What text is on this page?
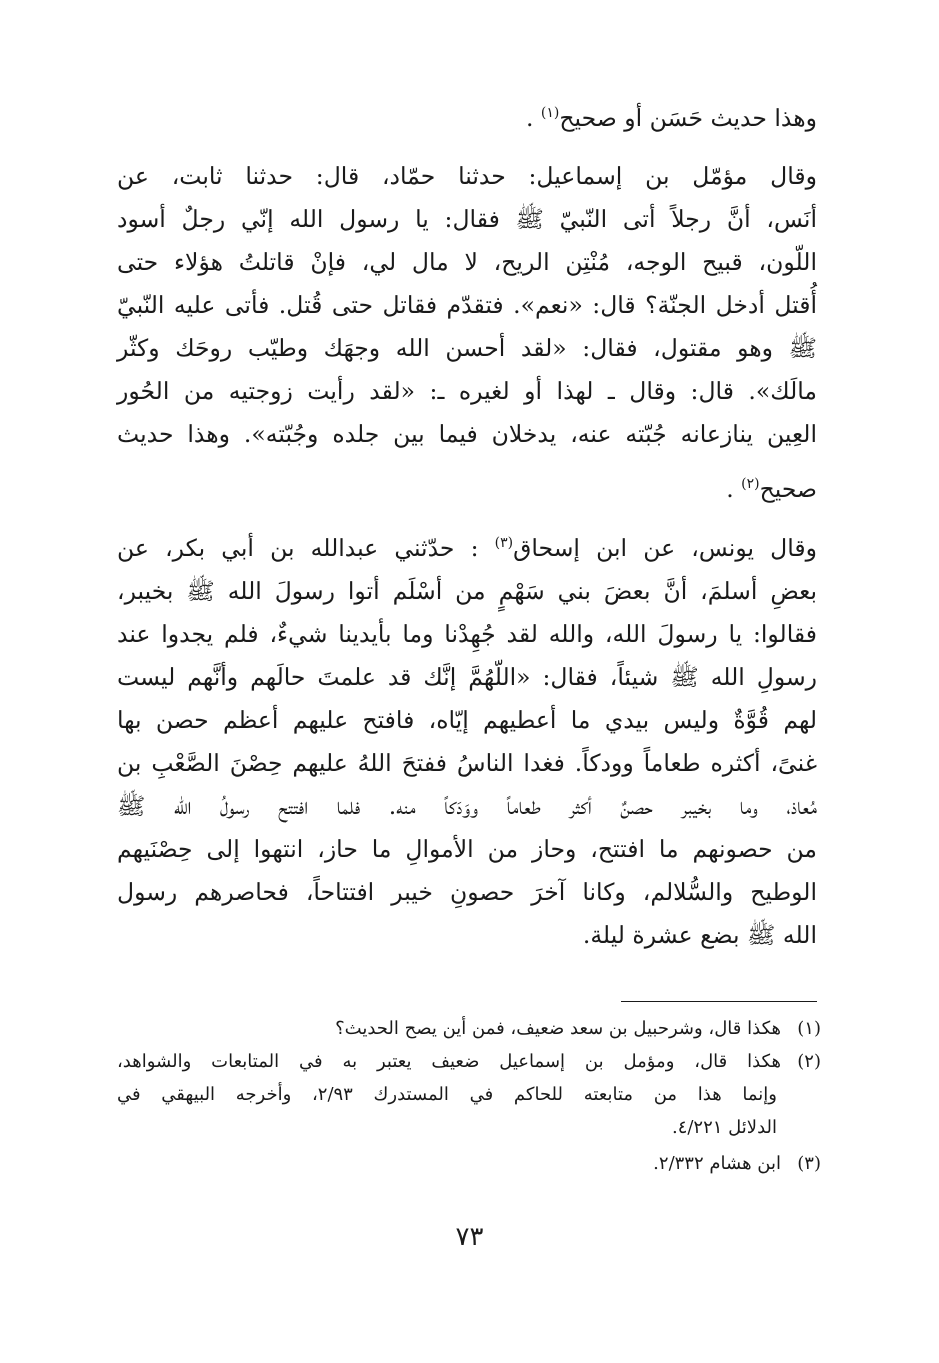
وهذا حديث حَسَن أو صحيح$^{(١)}$ .
وقال مؤمّل بن إسماعيل: حدثنا حمّاد، قال: حدثنا ثابت، عن
أنَس، أنَّ رجلاً أتى النّبيّ ﷺ فقال: يا رسول الله إنّي رجلٌ أسود
اللّون، قبيح الوجه، مُنْتِن الريح، لا مال لي، فإنْ قاتلتُ هؤلاء حتى
أُقتل أدخل الجنّة؟ قال: «نعم». فتقدّم فقاتل حتى قُتل. فأتى عليه النّبيّ
ﷺ وهو مقتول، فقال: «لقد أحسن الله وجهَك وطيّب روحَك وكثّر
مالَك». قال: وقال ـ لهذا أو لغيره ـ: «لقد رأيت زوجتيه من الحُور
العِين ينازعانه جُبّته عنه، يدخلان فيما بين جلده وجُبّته». وهذا حديث
صحيح$^{(٢)}$ .
وقال يونس، عن ابن إسحاق$^{(٣)}$ : حدّثني عبدالله بن أبي بكر، عن
بعضِ أسلمَ، أنَّ بعضَ بني سَهْمٍ من أسْلَم أتوا رسولَ الله ﷺ بخيبر،
فقالوا: يا رسولَ الله، والله لقد جُهِدْنا وما بأيدينا شيءٌ، فلم يجدوا عند
رسولِ الله ﷺ شيئاً، فقال: «اللّهُمَّ إنَّك قد علمتَ حالَهم وأنَّهم ليست
لهم قُوَّةٌ وليس بيدي ما أعطيهم إيّاه، فافتح عليهم أعظم حصن بها
غنىً، أكثره طعاماً وودكاً. فغدا الناسُ ففتحَ اللهُ عليهم حِصْنَ الصَّعْبِ بن
مُعاذ، وما بخيبر حصنٌ أكثر طعاماً ووَدَكاً منه. فلما افتتح رسولُ الله ﷺ
من حصونهم ما افتتح، وحاز من الأموالِ ما حاز، انتهوا إلى حِصْنَيهم
الوطيح والسُّلالم، وكانا آخرَ حصونِ خيبر افتتاحاً، فحاصرهم رسول
الله ﷺ بضع عشرة ليلة.
(١)هكذا قال، وشرحبيل بن سعد ضعيف، فمن أين يصح الحديث؟
(٢)هكذا قال، ومؤمل بن إسماعيل ضعيف يعتبر به في المتابعات والشواهد،
وإنما هذا من متابعته للحاكم في المستدرك ٢/٩٣، وأخرجه البيهقي في
الدلائل ٤/٢٢١.
(٣)ابن هشام ٢/٣٣٢.
٧٣
